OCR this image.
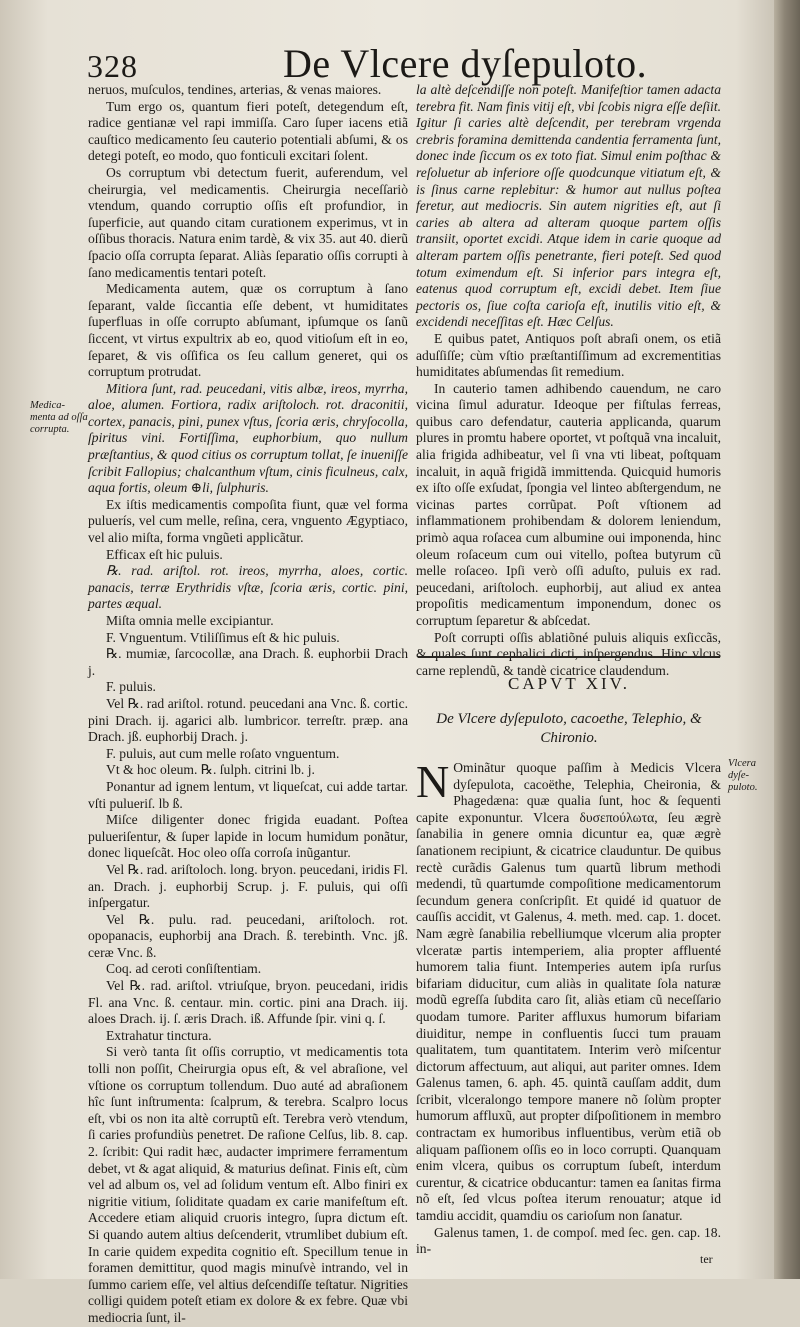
328	De Vlcere dyſepuloto.
Medica-menta ad oſſa corrupta.
Vlcera dyſe-puloto.

neruos, muſculos, tendines, arterias, & venas maiores.

Tum ergo os, quantum fieri poteſt, detegendum eſt, radice gentianæ vel rapi immiſſa. Caro ſuper iacens etiã cauſtico medicamento ſeu cauterio potentiali abſumi, & os detegi poteſt, eo modo, quo fonticuli excitari ſolent.

Os corruptum vbi detectum fuerit, auferendum, vel cheirurgia, vel medicamentis. Cheirurgia neceſſariò vtendum, quando corruptio oſſis eſt profundior, in ſuperficie, aut quando citam curationem experimus, vt in oſſibus thoracis. Natura enim tardè, & vix 35. aut 40. dierũ ſpacio oſſa corrupta ſeparat. Aliàs ſeparatio oſſis corrupti à ſano medicamentis tentari poteſt.

Medicamenta autem, quæ os corruptum à ſano ſeparant, valde ſiccantia eſſe debent, vt humiditates ſuperfluas in oſſe corrupto abſumant, ipſumque os ſanũ ſiccent, vt virtus expultrix ab eo, quod vitioſum eſt in eo, ſeparet, & vis oſſifica os ſeu callum generet, qui os corruptum protrudat.

Mitiora ſunt, rad. peucedani, vitis albæ, ireos, myrrha, aloe, alumen. Fortiora, radix ariſtoloch. rot. draconitii, cortex, panacis, pini, punex vſtus, ſcoria æris, chryſocolla, ſpiritus vini. Fortiſſima, euphorbium, quo nullum præſtantius, & quod citius os corruptum tollat, ſe inueniſſe ſcribit Fallopius; chalcanthum vſtum, cinis ficulneus, calx, aqua fortis, oleum ⊕li, ſulphuris.

Ex iſtis medicamentis compoſita fiunt, quæ vel forma puluerís, vel cum melle, reſina, cera, vnguento Ægyptiaco, vel alio miſta, forma vngũeti applicãtur.

Efficax eſt hic puluis.

℞. rad. ariſtol. rot. ireos, myrrha, aloes, cortic. panacis, terræ Erythridis vſtæ, ſcoria æris, cortic. pini, partes æqual.

Miſta omnia melle excipiantur.

F. Vnguentum. Vtiliſſimus eſt & hic puluis.

℞. mumiæ, ſarcocollæ, ana Drach. ß. euphorbii Drach j.

F. puluis.

Vel ℞. rad ariſtol. rotund. peucedani ana Vnc. ß. cortic. pini Drach. ij. agarici alb. lumbricor. terreſtr. præp. ana Drach. jß. euphorbij Drach. j.

F. puluis, aut cum melle roſato vnguentum.

Vt & hoc oleum. ℞. ſulph. citrini lb. j.

Ponantur ad ignem lentum, vt liqueſcat, cui adde tartar. vſti pulueriſ. lb ß.

Miſce diligenter donec frigida euadant. Poſtea pulueriſentur, & ſuper lapide in locum humidum ponãtur, donec liqueſcãt. Hoc oleo oſſa corroſa inũgantur.

Vel ℞. rad. ariſtoloch. long. bryon. peucedani, iridis Fl. an. Drach. j. euphorbij Scrup. j. F. puluis, qui oſſi inſpergatur.

Vel ℞. pulu. rad. peucedani, ariſtoloch. rot. opopanacis, euphorbij ana Drach. ß. terebinth. Vnc. jß. ceræ Vnc. ß.

Coq. ad ceroti conſiſtentiam.

Vel ℞. rad. ariſtol. vtriuſque, bryon. peucedani, iridis Fl. ana Vnc. ß. centaur. min. cortic. pini ana Drach. iij. aloes Drach. ij. ſ. æris Drach. iß. Affunde ſpir. vini q. ſ.

Extrahatur tinctura.

Si verò tanta ſit oſſis corruptio, vt medicamentis tota tolli non poſſit, Cheirurgia opus eſt, & vel abraſione, vel vſtione os corruptum tollendum. Duo auté ad abraſionem hîc ſunt inſtrumenta: ſcalprum, & terebra. Scalpro locus eſt, vbi os non ita altè corruptũ eſt. Terebra verò vtendum, ſi caries profundiùs penetret. De raſione Celſus, lib. 8. cap. 2. ſcribit: Qui radit hæc, audacter imprimere ferramentum debet, vt & agat aliquid, & maturius deſinat. Finis eſt, cùm vel ad album os, vel ad ſolidum ventum eſt. Albo finiri ex nigritie vitium, ſoliditate quadam ex carie manifeſtum eſt. Accedere etiam aliquid cruoris integro, ſupra dictum eſt. Si quando autem altius deſcenderit, vtrumlibet dubium eſt. In carie quidem expedita cognitio eſt. Specillum tenue in foramen demittitur, quod magis minuſvè intrando, vel in ſummo cariem eſſe, vel altius deſcendiſſe teſtatur. Nigrities colligi quidem poteſt etiam ex dolore & ex febre. Quæ vbi mediocria ſunt, il-

la altè deſcendiſſe non poteſt. Manifeſtior tamen adacta terebra fit. Nam finis vitij eſt, vbi ſcobis nigra eſſe deſiit. Igitur ſi caries altè deſcendit, per terebram vrgenda crebris foramina demittenda candentia ferramenta ſunt, donec inde ſiccum os ex toto fiat. Simul enim poſthac & reſoluetur ab inferiore oſſe quodcunque vitiatum eſt, & is ſinus carne replebitur: & humor aut nullus poſtea feretur, aut mediocris. Sin autem nigrities eſt, aut ſi caries ab altera ad alteram quoque partem oſſis transiit, oportet excidi. Atque idem in carie quoque ad alteram partem oſſis penetrante, fieri poteſt. Sed quod totum eximendum eſt. Si inferior pars integra eſt, eatenus quod corruptum eſt, excidi debet. Item ſiue pectoris os, ſiue coſta carioſa eſt, inutilis vitio eſt, & excidendi neceſſitas eſt. Hæc Celſus.

E quibus patet, Antiquos poſt abraſi onem, os etiã aduſſiſſe; cùm vſtio præſtantiſſimum ad excrementitias humiditates abſumendas ſit remedium.

In cauterio tamen adhibendo cauendum, ne caro vicina ſimul aduratur. Ideoque per fiſtulas ferreas, quibus caro defendatur, cauteria applicanda, quarum plures in promtu habere oportet, vt poſtquã vna incaluit, alia frigida adhibeatur, vel ſi vna vti libeat, poſtquam incaluit, in aquã frigidã immittenda. Quicquid humoris ex iſto oſſe exſudat, ſpongia vel linteo abſtergendum, ne vicinas partes corrũpat. Poſt vſtionem ad inflammationem prohibendam & dolorem leniendum, primò aqua roſacea cum albumine oui imponenda, hinc oleum roſaceum cum oui vitello, poſtea butyrum cũ melle roſaceo. Ipſi verò oſſi aduſto, puluis ex rad. peucedani, ariſtoloch. euphorbij, aut aliud ex antea propoſitis medicamentum imponendum, donec os corruptum ſeparetur & abſcedat.

Poſt corrupti oſſis ablatiõné puluis aliquis exſiccãs, & quales ſunt cephalici dicti, inſpergendus. Hinc vlcus carne replendũ, & tandè cicatrice claudendum.

CAPVT XIV.
De Vlcere dyſepuloto, cacoethe, Telephio, & Chironio.

N Ominãtur quoque paſſim à Medicis Vlcera dyſepulota, cacoëthe, Telephia, Cheironia, & Phagedæna: quæ qualia ſunt, hoc & ſequenti capite exponuntur. Vlcera δυσεπούλωτα, ſeu ægrè ſanabilia in genere omnia dicuntur ea, quæ ægrè ſanationem recipiunt, & cicatrice clauduntur. De quibus rectè curãdis Galenus tum quartũ librum methodi medendi, tũ quartumde compoſitione medicamentorum ſecundum genera conſcripſit. Et quidé id quatuor de cauſſis accidit, vt Galenus, 4. meth. med. cap. 1. docet. Nam ægrè ſanabilia rebelliumque vlcerum alia propter vlceratæ partis intemperiem, alia propter affluenté humorem talia fiunt. Intemperies autem ipſa rurſus bifariam diducitur, cum aliàs in qualitate ſola naturæ modũ egreſſa ſubdita caro ſit, aliàs etiam cũ neceſſario quodam tumore. Pariter affluxus humorum bifariam diuiditur, nempe in confluentis ſucci tum prauam qualitatem, tum quantitatem. Interim verò miſcentur dictorum affectuum, aut aliqui, aut pariter omnes. Idem Galenus tamen, 6. aph. 45. quintã cauſſam addit, dum ſcribit, vlceralongo tempore manere nõ ſolùm propter humorum affluxũ, aut propter diſpoſitionem in membro contractam ex humoribus influentibus, verùm etiã ob aliquam paſſionem oſſis eo in loco corrupti. Quanquam enim vlcera, quibus os corruptum ſubeſt, interdum curentur, & cicatrice obducantur: tamen ea ſanitas firma nõ eſt, ſed vlcus poſtea iterum renouatur; atque id tamdiu accidit, quamdiu os carioſum non ſanatur.

Galenus tamen, 1. de compoſ. med ſec. gen. cap. 18. in-

ter
